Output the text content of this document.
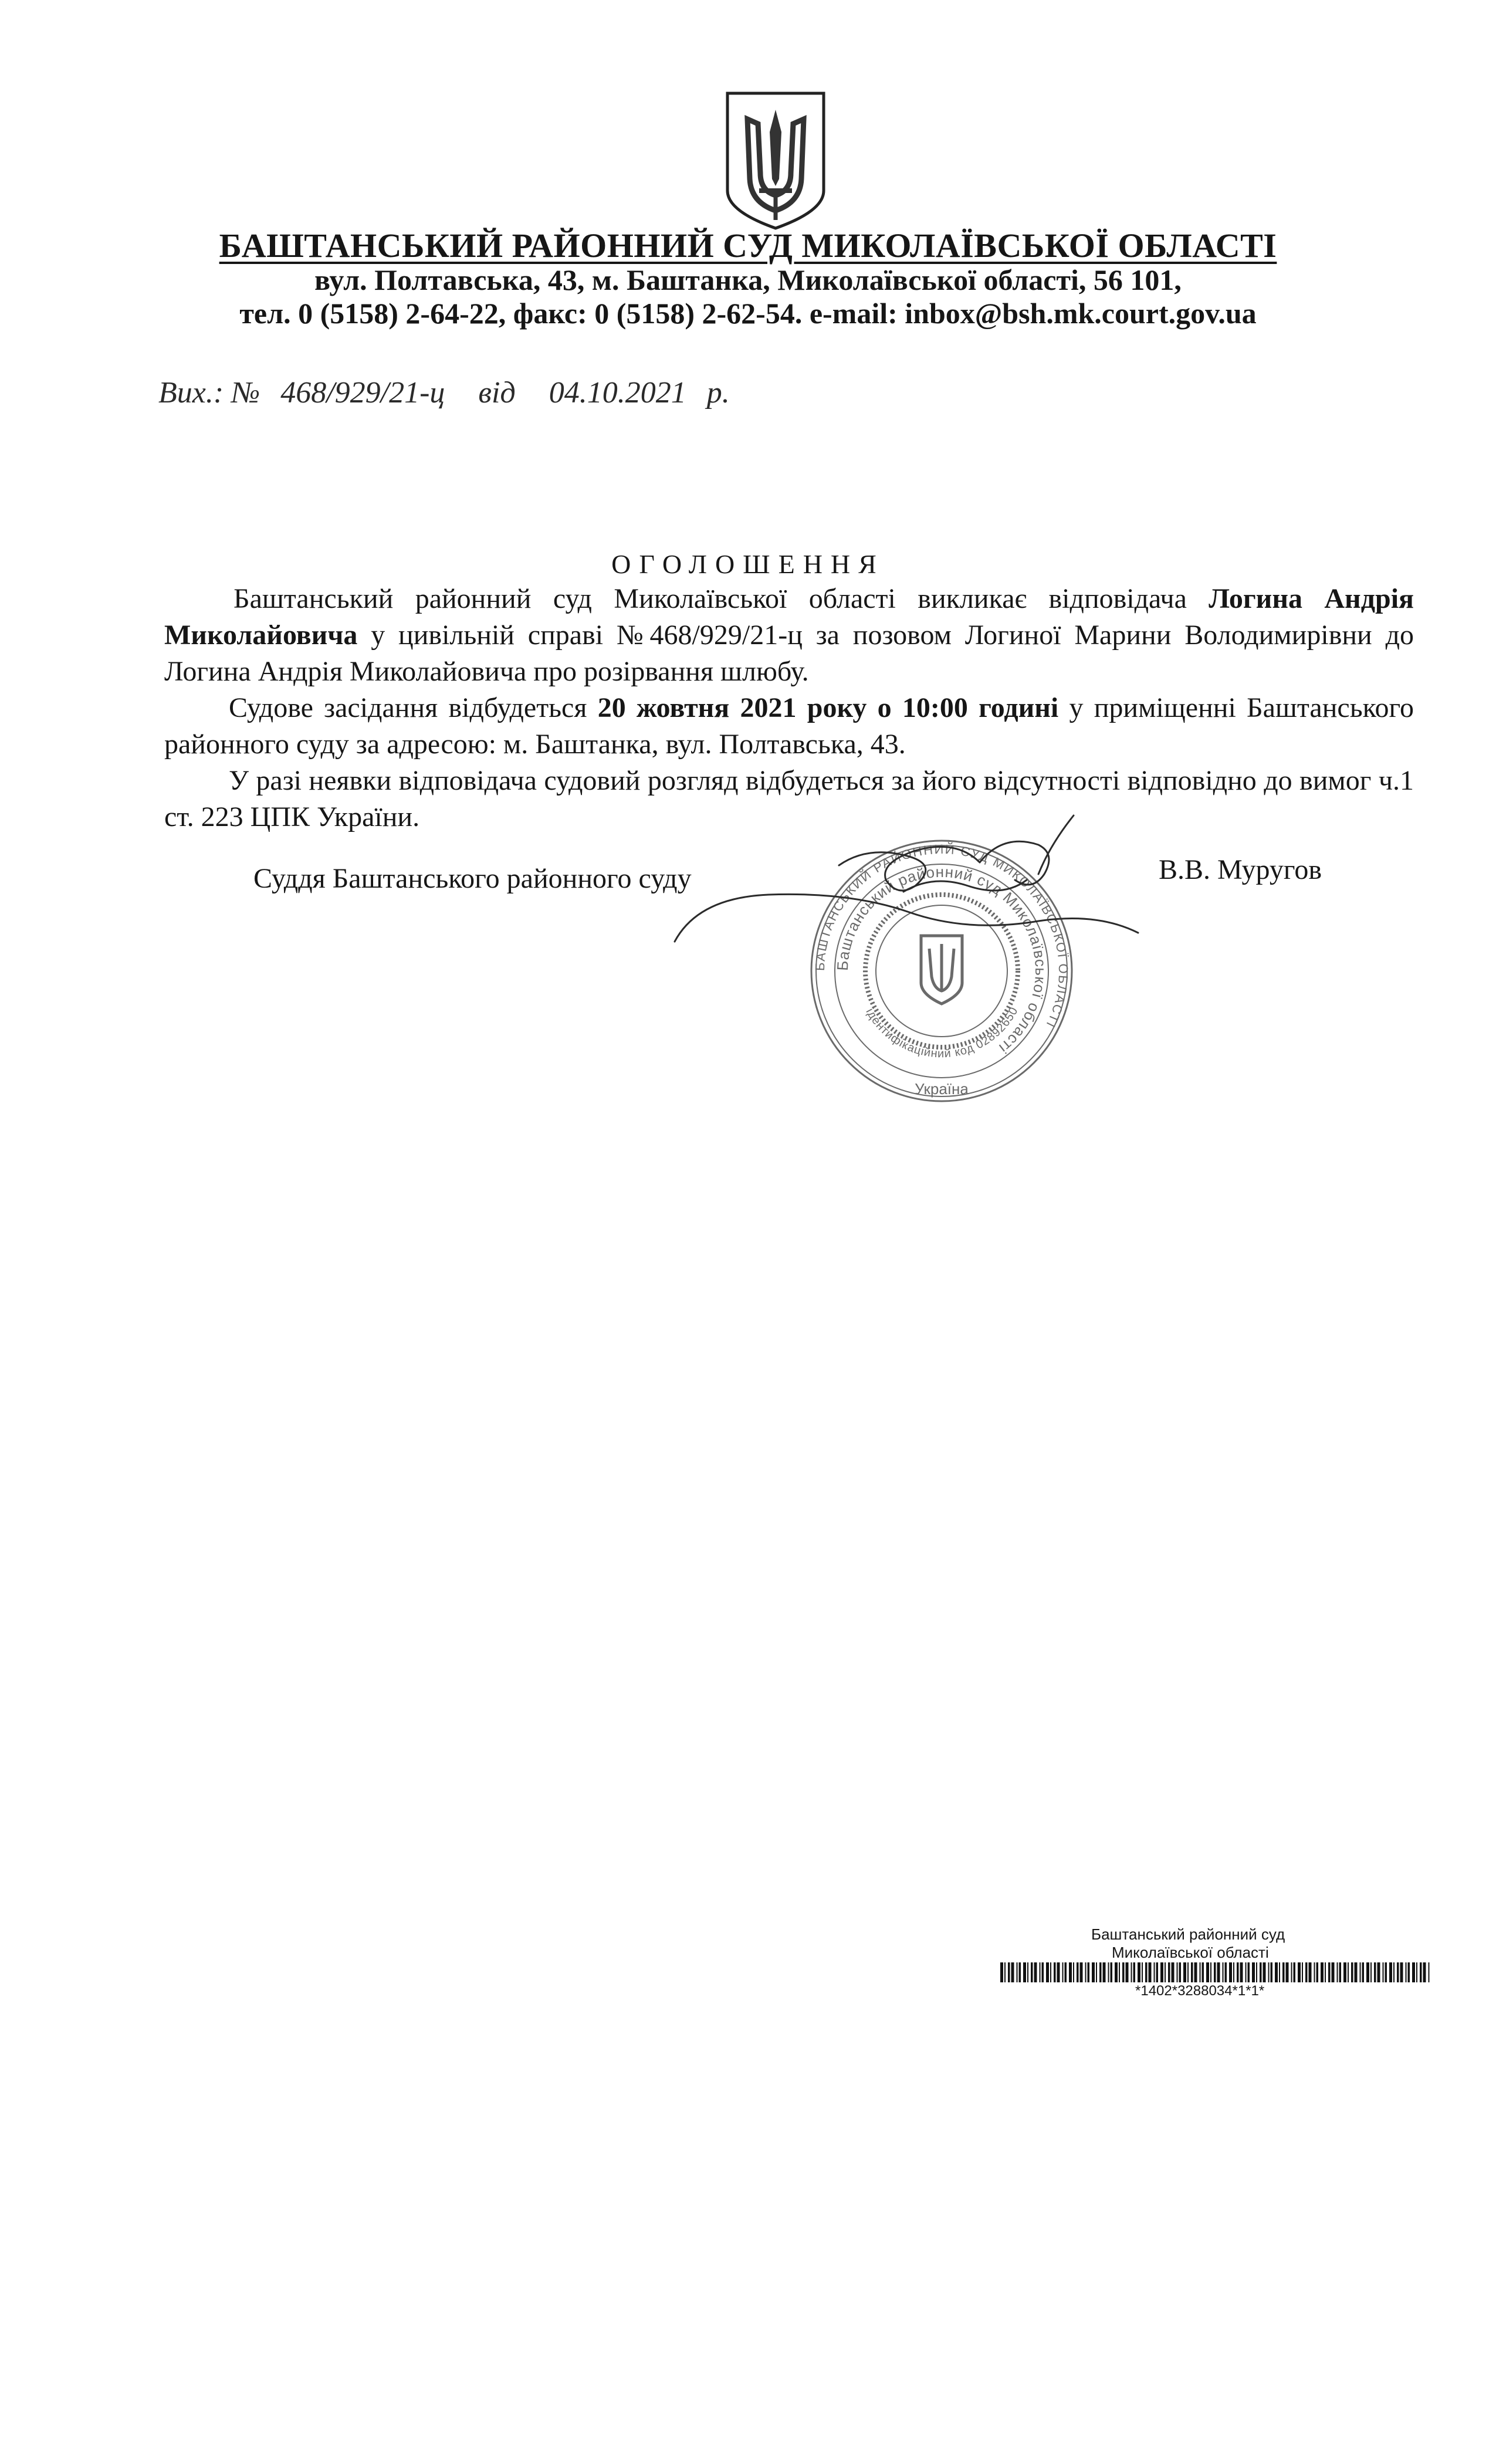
БАШТАНСЬКИЙ РАЙОННИЙ СУД МИКОЛАЇВСЬКОЇ ОБЛАСТІ
вул. Полтавська, 43, м. Баштанка, Миколаївської області, 56 101,
тел. 0 (5158) 2-64-22, факс: 0 (5158) 2-62-54. e-mail: inbox@bsh.mk.court.gov.ua
Вих.: № 468/929/21-ц від 04.10.2021 р.
ОГОЛОШЕННЯ

Баштанський районний суд Миколаївської області викликає відповідача Логина Андрія Миколайовича у цивільній справі №468/929/21-ц за позовом Логиної Марини Володимирівни до Логина Андрія Миколайовича про розірвання шлюбу.

Судове засідання відбудеться 20 жовтня 2021 року о 10:00 годині у приміщенні Баштанського районного суду за адресою: м. Баштанка, вул. Полтавська, 43.

У разі неявки відповідача судовий розгляд відбудеться за його відсутності відповідно до вимог ч.1 ст. 223 ЦПК України.

Суддя Баштанського районного суду	В.В. Муругов
БАШТАНСЬКИЙ РАЙОННИЙ СУД МИКОЛАЇВСЬКОЇ ОБЛАСТІ
Баштанський районний суд Миколаївської області
ідентифікаційний код 02892650
Україна
Баштанський районний суд
Миколаївської області
*1402*3288034*1*1*
